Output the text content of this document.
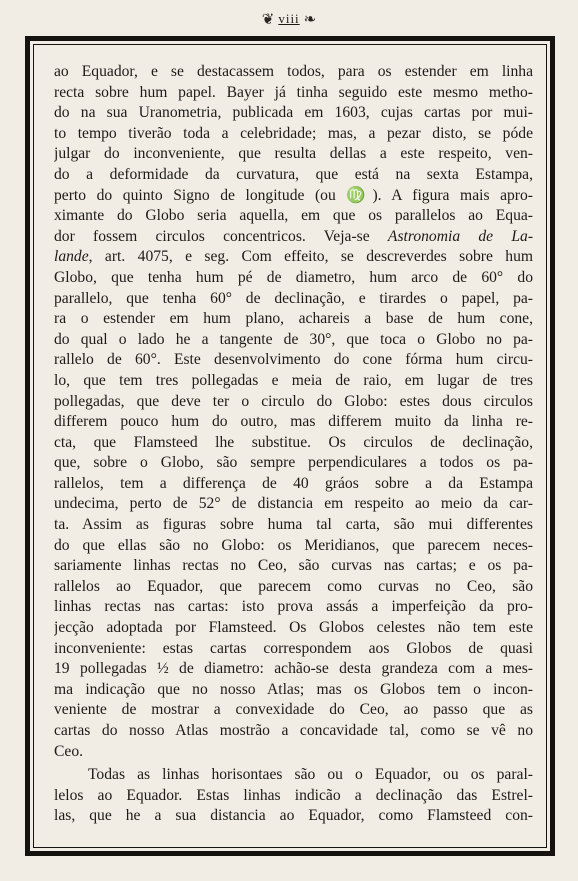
❦ viii ❧
ao Equador, e se destacassem todos, para os estender em linha
recta sobre hum papel. Bayer já tinha seguido este mesmo metho-
do na sua Uranometria, publicada em 1603, cujas cartas por mui-
to tempo tiverão toda a celebridade; mas, a pezar disto, se póde
julgar do inconveniente, que resulta dellas a este respeito, ven-
do a deformidade da curvatura, que está na sexta Estampa,
perto do quinto Signo de longitude (ou ♍). A figura mais apro-
ximante do Globo seria aquella, em que os parallelos ao Equa-
dor fossem circulos concentricos. Veja-se Astronomia de La-
lande, art. 4075, e seg. Com effeito, se descreverdes sobre hum
Globo, que tenha hum pé de diametro, hum arco de 60° do
parallelo, que tenha 60° de declinação, e tirardes o papel, pa-
ra o estender em hum plano, achareis a base de hum cone,
do qual o lado he a tangente de 30°, que toca o Globo no pa-
rallelo de 60°. Este desenvolvimento do cone fórma hum circu-
lo, que tem tres pollegadas e meia de raio, em lugar de tres
pollegadas, que deve ter o circulo do Globo: estes dous circulos
differem pouco hum do outro, mas differem muito da linha re-
cta, que Flamsteed lhe substitue. Os circulos de declinação,
que, sobre o Globo, são sempre perpendiculares a todos os pa-
rallelos, tem a differença de 40 gráos sobre a da Estampa
undecima, perto de 52° de distancia em respeito ao meio da car-
ta. Assim as figuras sobre huma tal carta, são mui differentes
do que ellas são no Globo: os Meridianos, que parecem neces-
sariamente linhas rectas no Ceo, são curvas nas cartas; e os pa-
rallelos ao Equador, que parecem como curvas no Ceo, são
linhas rectas nas cartas: isto prova assás a imperfeição da pro-
jecção adoptada por Flamsteed. Os Globos celestes não tem este
inconveniente: estas cartas correspondem aos Globos de quasi
19 pollegadas ½ de diametro: achão-se desta grandeza com a mes-
ma indicação que no nosso Atlas; mas os Globos tem o incon-
veniente de mostrar a convexidade do Ceo, ao passo que as
cartas do nosso Atlas mostrão a concavidade tal, como se vê no
Ceo.
Todas as linhas horisontaes são ou o Equador, ou os paral-
lelos ao Equador. Estas linhas indicão a declinação das Estrel-
las, que he a sua distancia ao Equador, como Flamsteed con-
